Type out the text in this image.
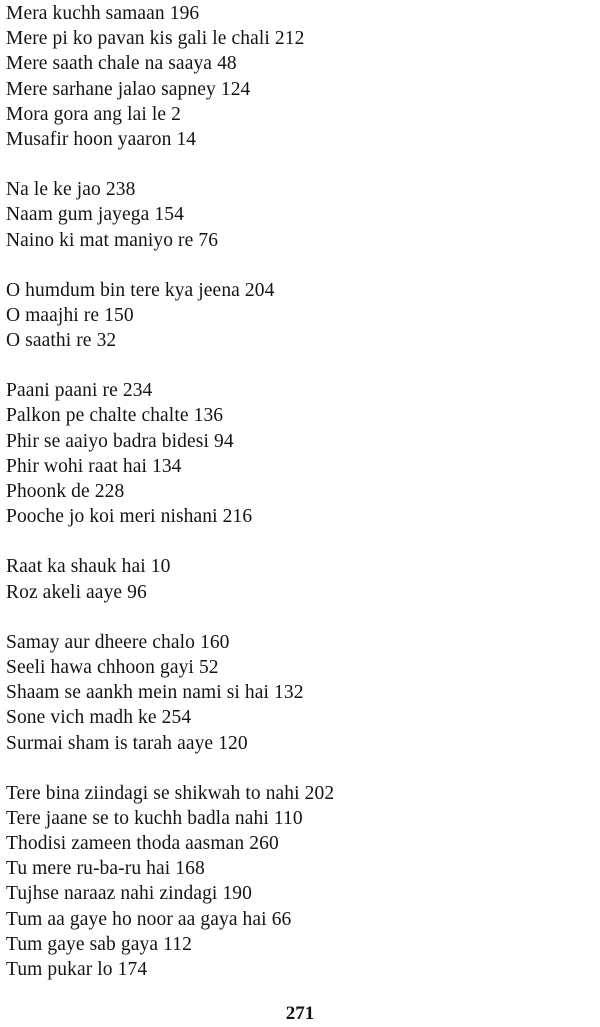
Mera kuchh samaan 196
Mere pi ko pavan kis gali le chali 212
Mere saath chale na saaya 48
Mere sarhane jalao sapney 124
Mora gora ang lai le 2
Musafir hoon yaaron 14
Na le ke jao 238
Naam gum jayega 154
Naino ki mat maniyo re 76
O humdum bin tere kya jeena 204
O maajhi re 150
O saathi re 32
Paani paani re 234
Palkon pe chalte chalte 136
Phir se aaiyo badra bidesi 94
Phir wohi raat hai 134
Phoonk de 228
Pooche jo koi meri nishani 216
Raat ka shauk hai 10
Roz akeli aaye 96
Samay aur dheere chalo 160
Seeli hawa chhoon gayi 52
Shaam se aankh mein nami si hai 132
Sone vich madh ke 254
Surmai sham is tarah aaye 120
Tere bina ziindagi se shikwah to nahi 202
Tere jaane se to kuchh badla nahi 110
Thodisi zameen thoda aasman 260
Tu mere ru-ba-ru hai 168
Tujhse naraaz nahi zindagi 190
Tum aa gaye ho noor aa gaya hai 66
Tum gaye sab gaya 112
Tum pukar lo 174
271
